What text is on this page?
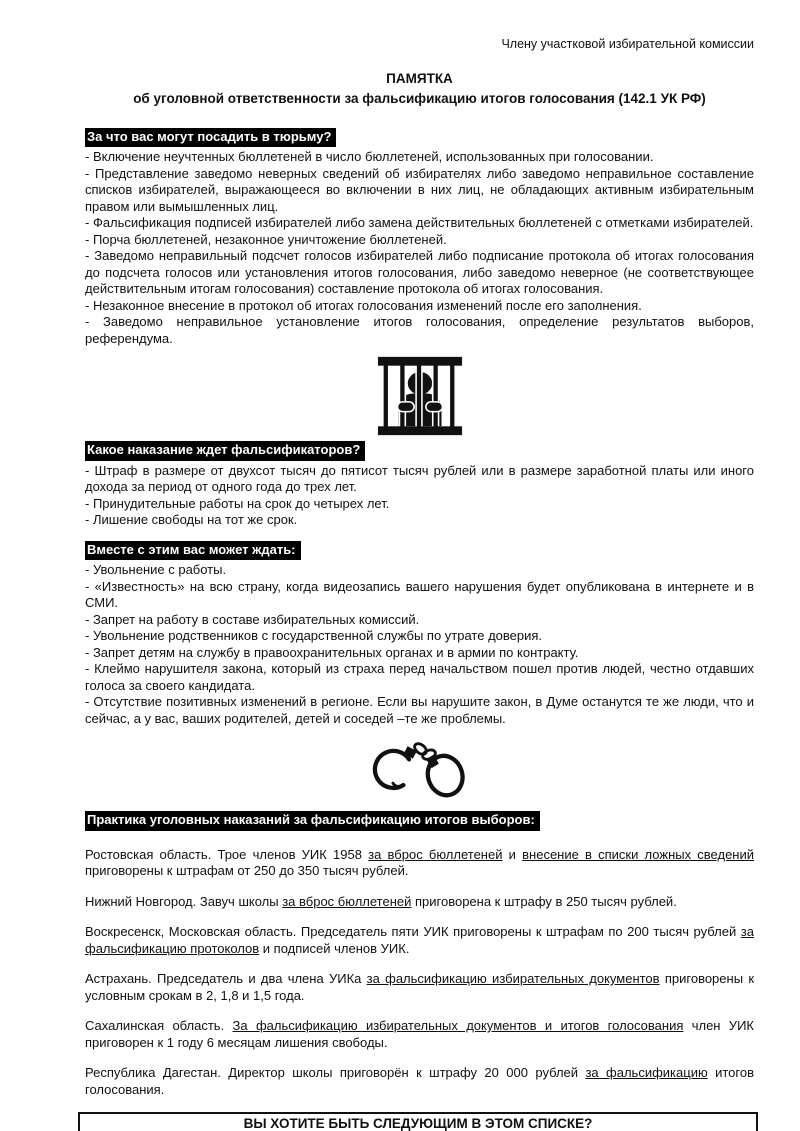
Члену участковой избирательной комиссии
ПАМЯТКА
об уголовной ответственности за фальсификацию итогов голосования (142.1 УК РФ)
За что вас могут посадить в тюрьму?
- Включение неучтенных бюллетеней в число бюллетеней, использованных при голосовании.
- Представление заведомо неверных сведений об избирателях либо заведомо неправильное составление списков избирателей, выражающееся во включении в них лиц, не обладающих активным избирательным правом или вымышленных лиц.
- Фальсификация подписей избирателей либо замена действительных бюллетеней с отметками избирателей.
- Порча бюллетеней, незаконное уничтожение бюллетеней.
- Заведомо неправильный подсчет голосов избирателей либо подписание протокола об итогах голосования до подсчета голосов или установления итогов голосования, либо заведомо неверное (не соответствующее действительным итогам голосования) составление протокола об итогах голосования.
- Незаконное внесение в протокол об итогах голосования изменений после его заполнения.
- Заведомо неправильное установление итогов голосования, определение результатов выборов, референдума.
Какое наказание ждет фальсификаторов?
- Штраф в размере от двухсот тысяч до пятисот тысяч рублей или в размере заработной платы или иного дохода за период от одного года до трех лет.
- Принудительные работы на срок до четырех лет.
- Лишение свободы на тот же срок.
Вместе с этим вас может ждать:
- Увольнение с работы.
- «Известность» на всю страну, когда видеозапись вашего нарушения будет опубликована в интернете и в СМИ.
- Запрет на работу в составе избирательных комиссий.
- Увольнение родственников с государственной службы по утрате доверия.
- Запрет детям на службу в правоохранительных органах и в армии по контракту.
- Клеймо нарушителя закона, который из страха перед начальством пошел против людей, честно отдавших голоса за своего кандидата.
- Отсутствие позитивных изменений в регионе. Если вы нарушите закон, в Думе останутся те же люди, что и сейчас, а у вас, ваших родителей, детей и соседей –те же проблемы.
Практика уголовных наказаний за фальсификацию итогов выборов:

Ростовская область. Трое членов УИК 1958 за вброс бюллетеней и внесение в списки ложных сведений приговорены к штрафам от 250 до 350 тысяч рублей.

Нижний Новгород. Завуч школы за вброс бюллетеней приговорена к штрафу в 250 тысяч рублей.

Воскресенск, Московская область. Председатель пяти УИК приговорены к штрафам по 200 тысяч рублей за фальсификацию протоколов и подписей членов УИК.

Астрахань. Председатель и два члена УИКа за фальсификацию избирательных документов приговорены к условным срокам в 2, 1,8 и 1,5 года.

Сахалинская область. За фальсификацию избирательных документов и итогов голосования член УИК приговорен к 1 году 6 месяцам лишения свободы.

Республика Дагестан. Директор школы приговорён к штрафу 20 000 рублей за фальсификацию итогов голосования.

ВЫ ХОТИТЕ БЫТЬ СЛЕДУЮЩИМ В ЭТОМ СПИСКЕ?
